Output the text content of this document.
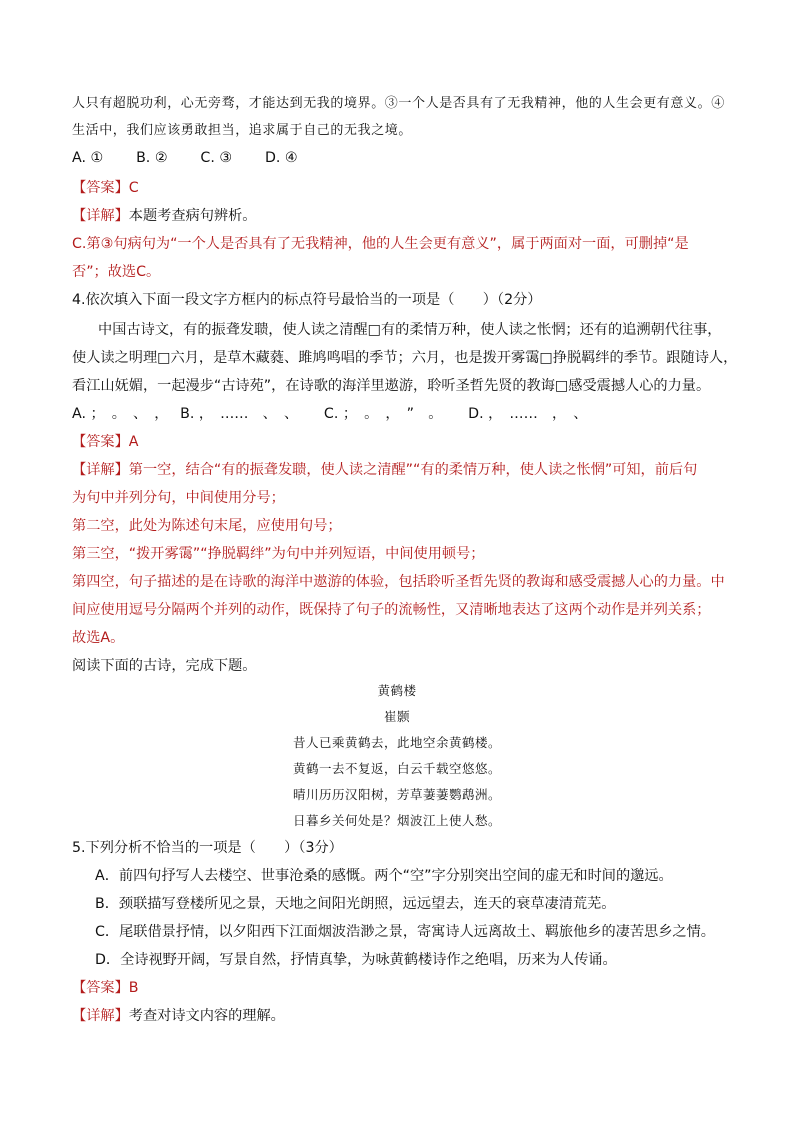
人只有超脱功利，心无旁骛，才能达到无我的境界。③一个人是否具有了无我精神，他的人生会更有意义。④
生活中，我们应该勇敢担当，追求属于自己的无我之境。
A. ①　　 B. ②　　 C. ③　　 D. ④
【答案】C
【详解】本题考查病句辨析。
C.第③句病句为“一个人是否具有了无我精神，他的人生会更有意义”，属于两面对一面，可删掉“是
否”；故选C。
4.依次填入下面一段文字方框内的标点符号最恰当的一项是（　　）（2分）
中国古诗文，有的振聋发聩，使人读之清醒□有的柔情万种，使人读之怅惘；还有的追溯朝代往事，
使人读之明理□六月，是草木藏蕤、雎鸠鸣唱的季节；六月，也是拨开雾霭□挣脱羁绊的季节。跟随诗人，
看江山妩媚，一起漫步“古诗苑”，在诗歌的海洋里遨游，聆听圣哲先贤的教诲□感受震撼人心的力量。
A. ；　。　、　，　 B. ，　……　、　、　　 C. ；　。　，　”　。　　 D. ，　……　，　、
【答案】A
【详解】第一空，结合“有的振聋发聩，使人读之清醒”“有的柔情万种，使人读之怅惘”可知，前后句
为句中并列分句，中间使用分号；
第二空，此处为陈述句末尾，应使用句号；
第三空，“拨开雾霭”“挣脱羁绊”为句中并列短语，中间使用顿号；
第四空，句子描述的是在诗歌的海洋中遨游的体验，包括聆听圣哲先贤的教诲和感受震撼人心的力量。中
间应使用逗号分隔两个并列的动作，既保持了句子的流畅性，又清晰地表达了这两个动作是并列关系；
故选A。
阅读下面的古诗，完成下题。
黄鹤楼
崔颢
昔人已乘黄鹤去，此地空余黄鹤楼。
黄鹤一去不复返，白云千载空悠悠。
晴川历历汉阳树，芳草萋萋鹦鹉洲。
日暮乡关何处是？烟波江上使人愁。
5.下列分析不恰当的一项是（　　）（3分）
A．前四句抒写人去楼空、世事沧桑的感慨。两个“空”字分别突出空间的虚无和时间的邈远。
B．颈联描写登楼所见之景，天地之间阳光朗照，远远望去，连天的衰草凄清荒芜。
C．尾联借景抒情，以夕阳西下江面烟波浩渺之景，寄寓诗人远离故土、羁旅他乡的凄苦思乡之情。
D．全诗视野开阔，写景自然，抒情真挚，为咏黄鹤楼诗作之绝唱，历来为人传诵。
【答案】B
【详解】考查对诗文内容的理解。
